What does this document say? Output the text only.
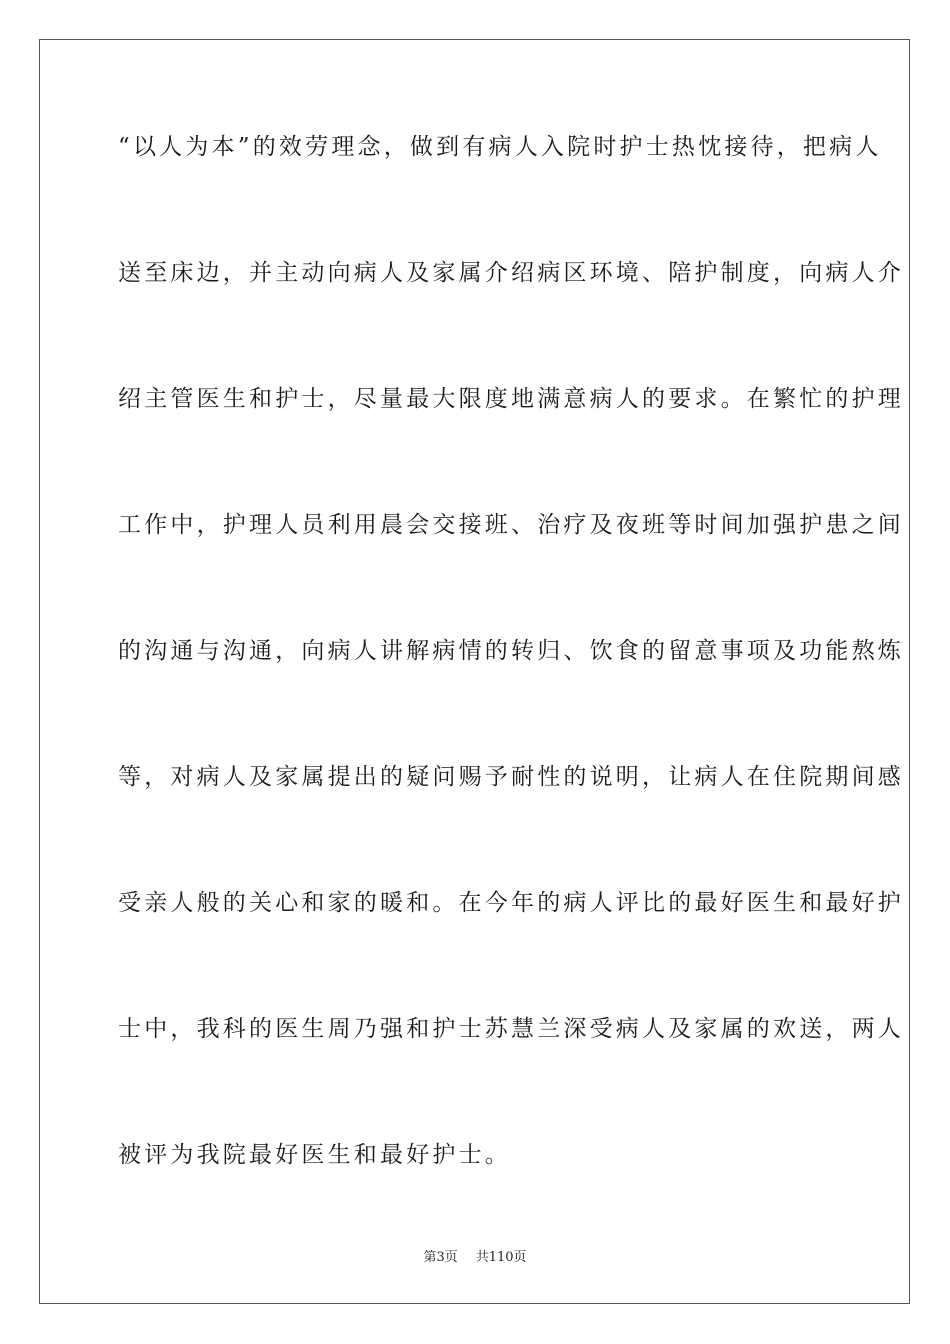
“以人为本”的效劳理念，做到有病人入院时护士热忱接待，把病人
送至床边，并主动向病人及家属介绍病区环境、陪护制度，向病人介
绍主管医生和护士，尽量最大限度地满意病人的要求。在繁忙的护理
工作中，护理人员利用晨会交接班、治疗及夜班等时间加强护患之间
的沟通与沟通，向病人讲解病情的转归、饮食的留意事项及功能熬炼
等，对病人及家属提出的疑问赐予耐性的说明，让病人在住院期间感
受亲人般的关心和家的暖和。在今年的病人评比的最好医生和最好护
士中，我科的医生周乃强和护士苏慧兰深受病人及家属的欢送，两人
被评为我院最好医生和最好护士。
第3页 共110页
